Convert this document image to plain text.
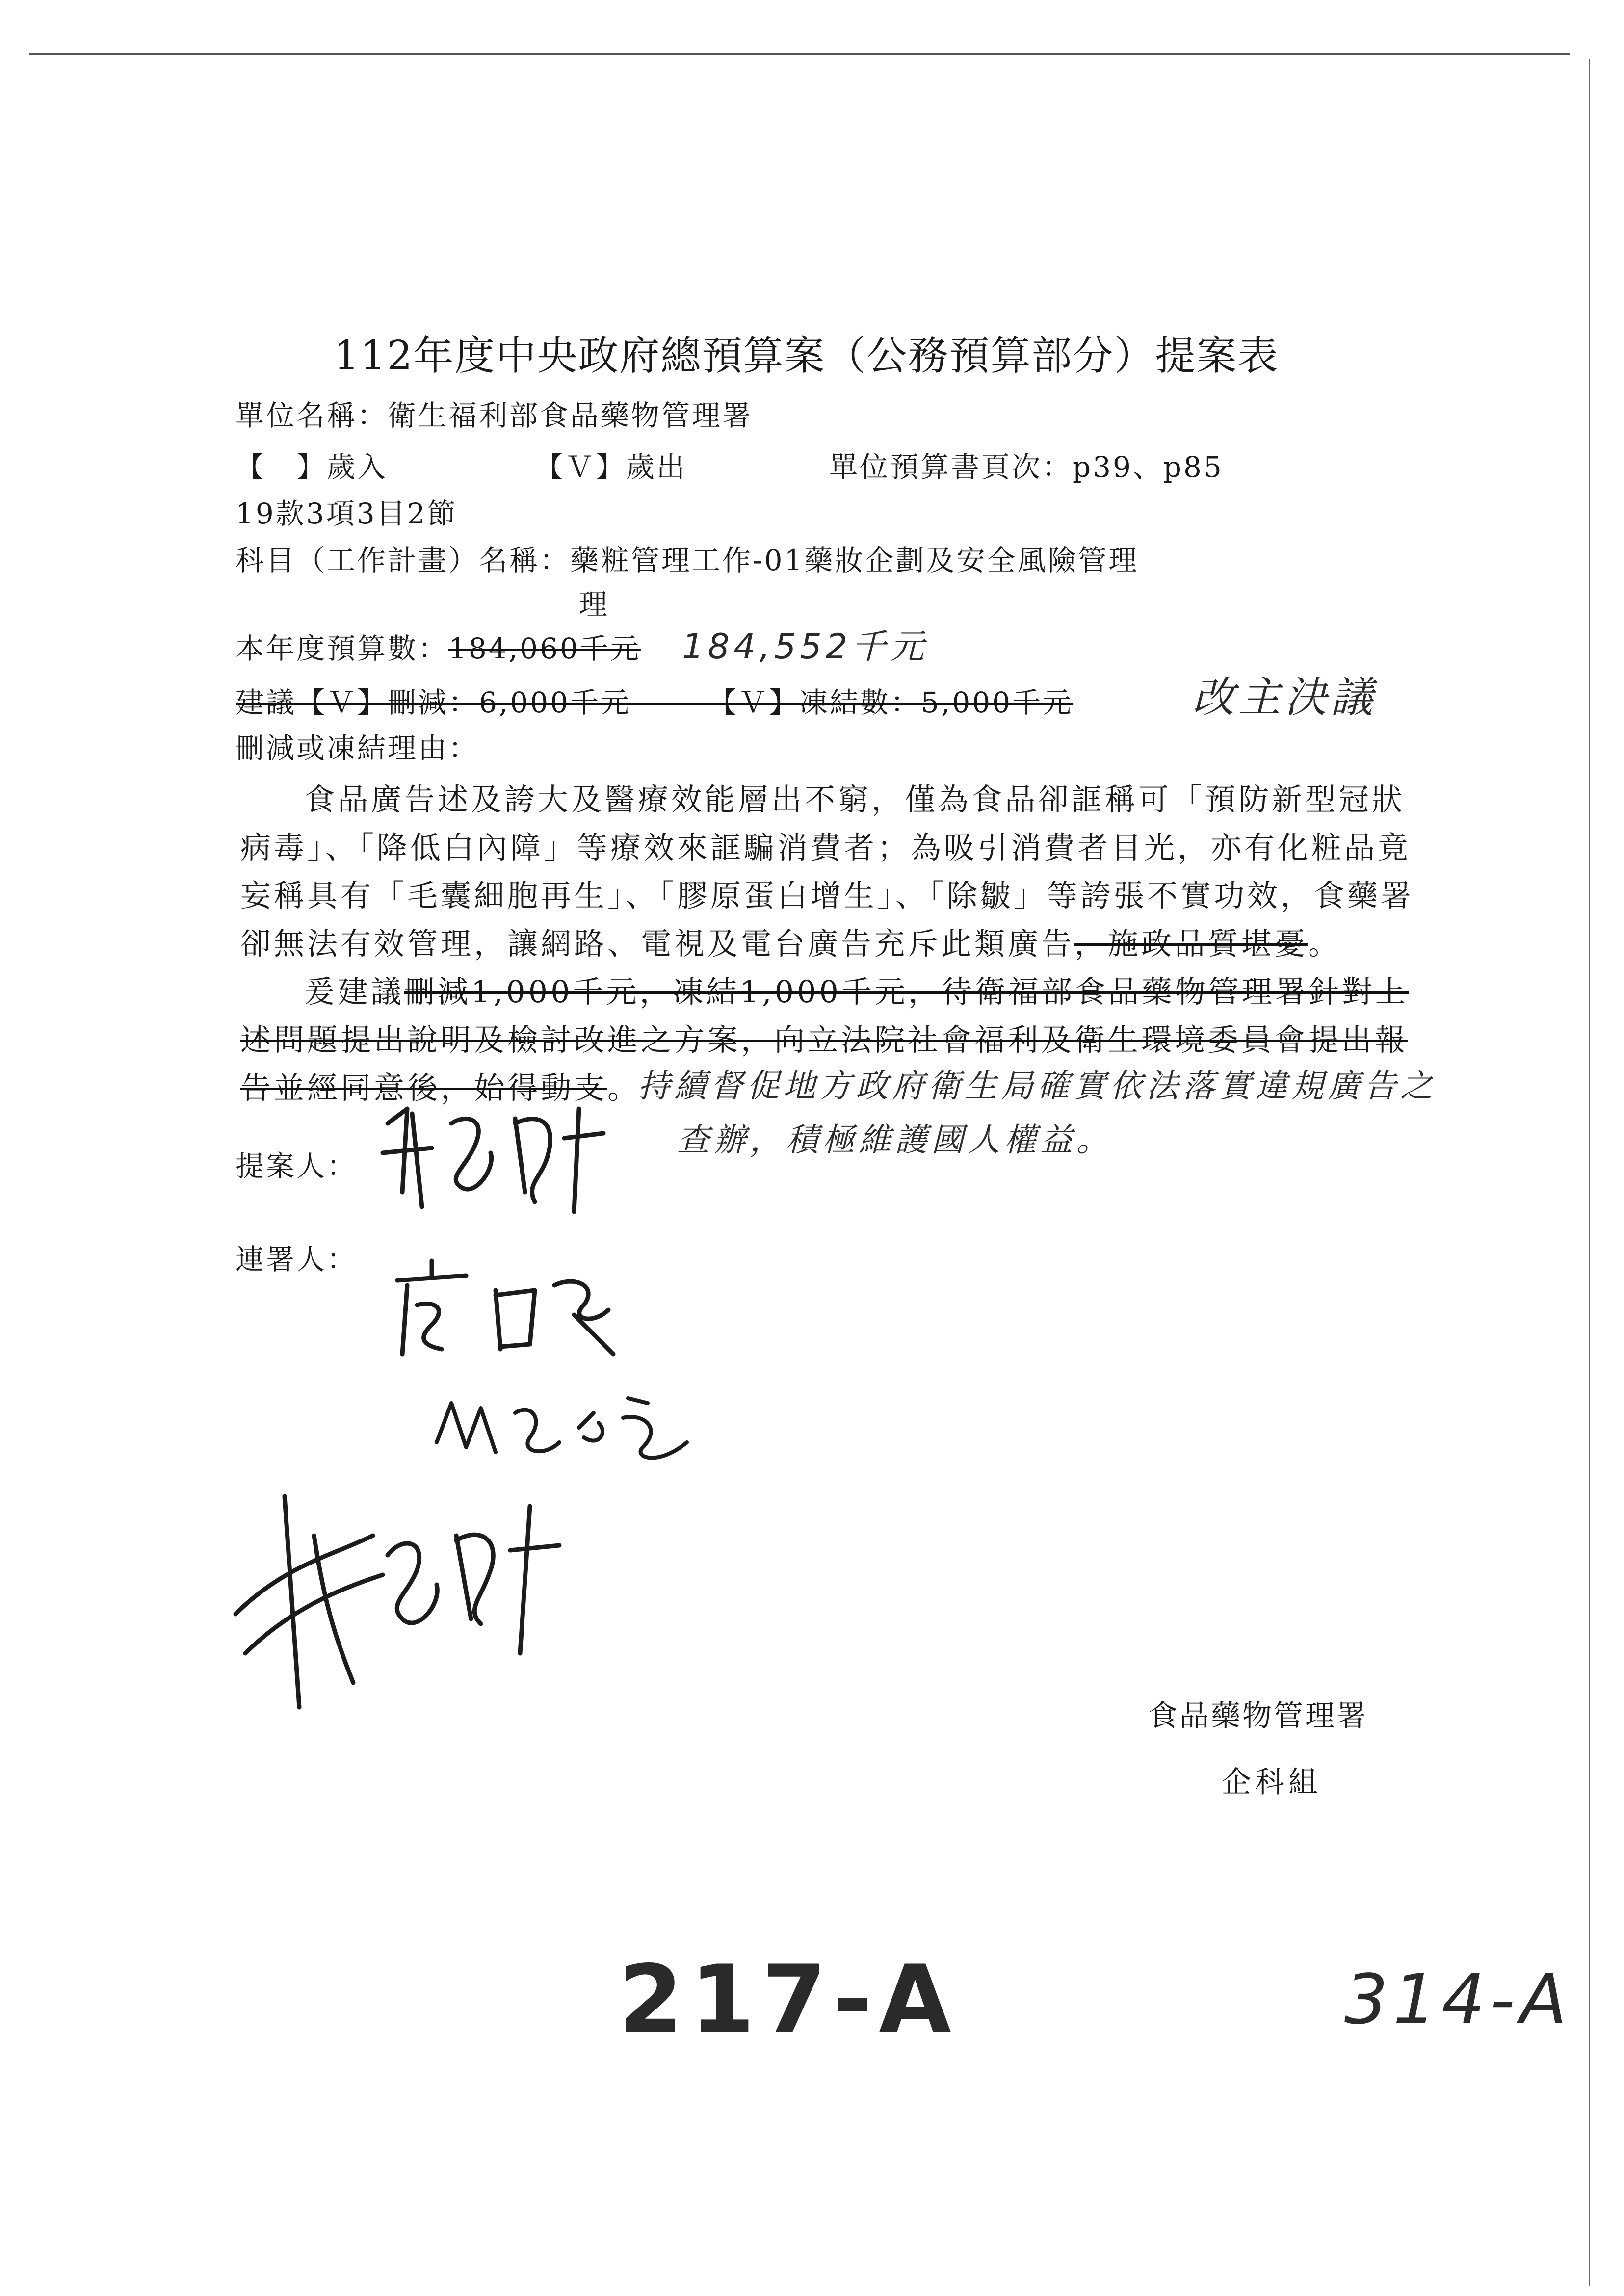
112年度中央政府總預算案（公務預算部分）提案表
單位名稱：衛生福利部食品藥物管理署
【　】歲入	【Ｖ】歲出	單位預算書頁次：p39、p85
19款3項3目2節
科目（工作計畫）名稱：藥粧管理工作-01藥妝企劃及安全風險管理
理
本年度預算數：184,060千元 184,552千元
建議【Ｖ】刪減：6,000千元　　　【Ｖ】凍結數：5,000千元	改主決議
刪減或凍結理由：
食品廣告述及誇大及醫療效能層出不窮，僅為食品卻誆稱可「預防新型冠狀
病毒」、「降低白內障」等療效來誆騙消費者；為吸引消費者目光，亦有化粧品竟
妄稱具有「毛囊細胞再生」、「膠原蛋白增生」、「除皺」等誇張不實功效，食藥署
卻無法有效管理，讓網路、電視及電台廣告充斥此類廣告，施政品質堪憂。
爰建議刪減1,000千元，凍結1,000千元，待衛福部食品藥物管理署針對上
述問題提出說明及檢討改進之方案，向立法院社會福利及衛生環境委員會提出報
告並經同意後，始得動支。
持續督促地方政府衛生局確實依法落實違規廣告之
查辦，積極維護國人權益。
提案人：
連署人：
食品藥物管理署
企科組
217-A	314-A
